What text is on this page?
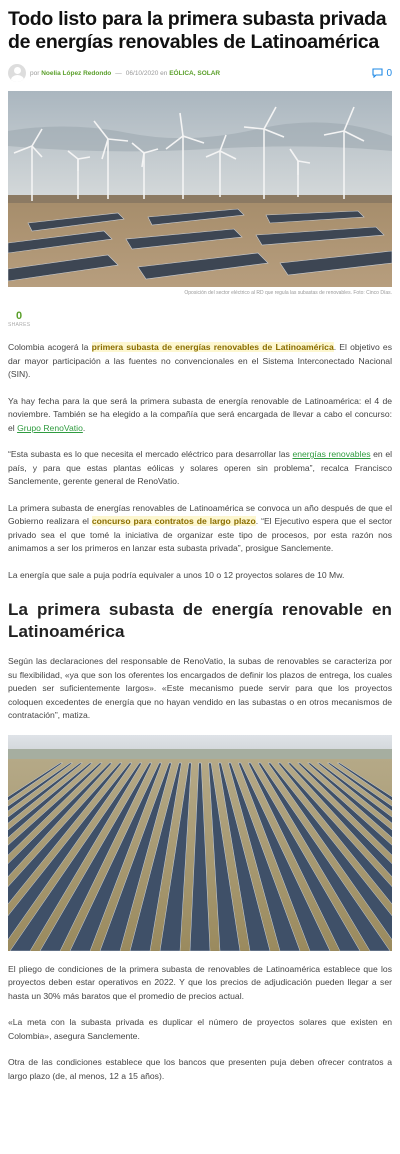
Todo listo para la primera subasta privada de energías renovables de Latinoamérica
por
Noelia López Redondo — 06/10/2020
en
EÓLICA, SOLAR	0
Oposición del sector eléctrico al RD que regula las subastas de renovables. Foto: Cinco Días.
0
SHARES

Colombia acogerá la primera subasta de energías renovables de Latinoamérica. El objetivo es dar mayor participación a las fuentes no convencionales en el Sistema Interconectado Nacional (SIN).

Ya hay fecha para la que será la primera subasta de energía renovable de Latinoamérica: el 4 de noviembre. También se ha elegido a la compañía que será encargada de llevar a cabo el concurso: el Grupo RenoVatio.

“Esta subasta es lo que necesita el mercado eléctrico para desarrollar las energías renovables en el país, y para que estas plantas eólicas y solares operen sin problema”, recalca Francisco Sanclemente, gerente general de RenoVatio.

La primera subasta de energías renovables de Latinoamérica se convoca un año después de que el Gobierno realizara el concurso para contratos de largo plazo. “El Ejecutivo espera que el sector privado sea el que tomé la iniciativa de organizar este tipo de procesos, por esta razón nos animamos a ser los primeros en lanzar esta subasta privada”, prosigue Sanclemente.

La energía que sale a puja podría equivaler a unos 10 o 12 proyectos solares de 10 Mw.

La primera subasta de energía renovable en Latinoamérica

Según las declaraciones del responsable de RenoVatio, la subas de renovables se caracteriza por su flexibilidad, «ya que son los oferentes los encargados de definir los plazos de entrega, los cuales pueden ser suficientemente largos». «Este mecanismo puede servir para que los proyectos coloquen excedentes de energía que no hayan vendido en las subastas o en otros mecanismos de contratación”, matiza.

El pliego de condiciones de la primera subasta de renovables de Latinoamérica establece que los proyectos deben estar operativos en 2022. Y que los precios de adjudicación pueden llegar a ser hasta un 30% más baratos que el promedio de precios actual.

«La meta con la subasta privada es duplicar el número de proyectos solares que existen en Colombia», asegura Sanclemente.

Otra de las condiciones establece que los bancos que presenten puja deben ofrecer contratos a largo plazo (de, al menos, 12 a 15 años).
